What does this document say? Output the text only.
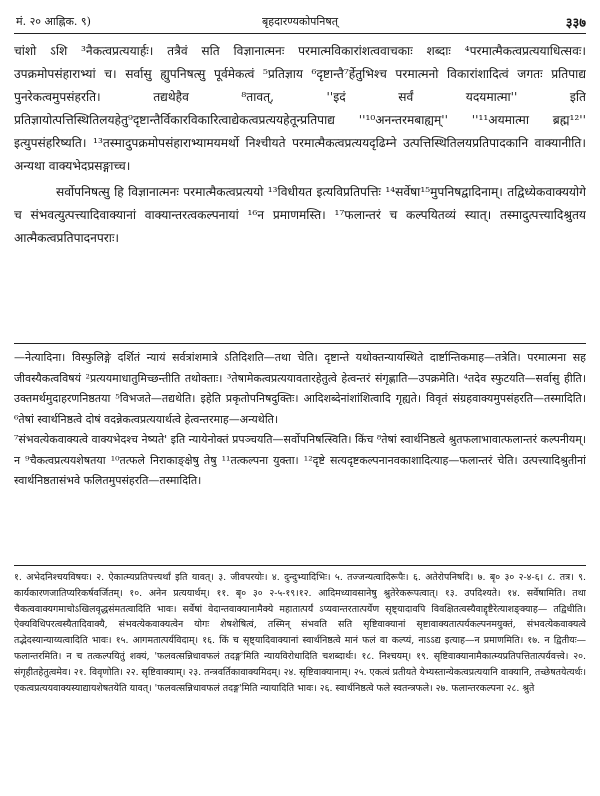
मं. २० आह्निक. ९)	बृहदारण्यकोपनिषत्	३३७

चांशो ऽशि ³नैकत्वप्रत्ययार्हः। तत्रैवं सति विज्ञानात्मनः परमात्मविकारांशत्ववाचकाः शब्दाः ⁴परमात्मैकत्वप्रत्ययाधित्सवः। उपक्रमोपसंहाराभ्यां च। सर्वासु ह्युपनिषत्सु पूर्वमेकत्वं ⁵प्रतिज्ञाय ⁶दृष्टान्तै⁷र्हेतुभिश्च परमात्मनो विकारांशादित्वं जगतः प्रतिपाद्य पुनरेकत्वमुपसंहरति। तद्यथेहैव ⁸तावत्, ''इदं सर्वं यदयमात्मा'' इति प्रतिज्ञायोत्पत्तिस्थितिलयहेतु⁹दृष्टान्तैर्विकारविकारित्वाद्येकत्वप्रत्ययहेतून्प्रतिपाद्य ''¹⁰अनन्तरमबाह्यम्'' ''¹¹अयमात्मा ब्रह्म¹²'' इत्युपसंहरिष्यति। ¹³तस्मादुपक्रमोपसंहाराभ्यामयमर्थो निश्चीयते परमात्मैकत्वप्रत्ययदृढिम्ने उत्पत्तिस्थितिलयप्रतिपादकानि वाक्यानीति। अन्यथा वाक्यभेदप्रसङ्गाच्च।

सर्वोपनिषत्सु हि विज्ञानात्मनः परमात्मैकत्वप्रत्ययो ¹³विधीयत इत्यविप्रतिपत्तिः ¹⁴सर्वेषा¹⁵मुपनिषद्वादिनाम्। तद्विध्येकवाक्ययोगे च संभवत्युत्पत्त्यादिवाक्यानां वाक्यान्तरत्वकल्पनायां ¹⁶न प्रमाणमस्ति। ¹⁷फलान्तरं च कल्पयितव्यं स्यात्। तस्मादुत्पत्त्यादिश्रुतय आत्मैकत्वप्रतिपादनपराः।

—नेत्यादिना। विस्फुलिङ्गे दर्शितं न्यायं सर्वत्रांशमात्रे ऽतिदिशति—तथा चेति। दृष्टान्ते यथोक्तन्यायस्थिते दार्ष्टान्तिकमाह—तत्रेति। परमात्मना सह जीवस्यैकत्वविषयं ²प्रत्ययमाधातुमिच्छन्तीति तथोक्ताः। ³तेषामेकत्वप्रत्ययावतारहेतुत्वे हेत्वन्तरं संगृह्णाति—उपक्रमेति। ⁴तदेव स्फुटयति—सर्वासु हीति। उक्तमर्थमुदाहरणनिष्ठतया ⁵विभजते—तद्यथेति। इहेति प्रकृतोपनिषदुक्तिः। आदिशब्देनांशांशित्वादि गृह्यते। विवृतं संग्रहवाक्यमुपसंहरति—तस्मादिति। ⁶तेषां स्वार्थनिष्ठत्वे दोषं वदन्नेकत्वप्रत्ययार्थत्वे हेत्वन्तरमाह—अन्यथेति।

⁷संभवत्येकवाक्यत्वे वाक्यभेदश्च नेष्यते' इति न्यायेनोक्तं प्रपञ्चयति—सर्वोपनिषत्स्विति। किंच ⁸तेषां स्वार्थनिष्ठत्वे श्रुतफलाभावात्फलान्तरं कल्पनीयम्। न ⁹चैकत्वप्रत्ययशेषतया ¹⁰तत्फले निराकाङ्क्षेषु तेषु ¹¹तत्कल्पना युक्ता। ¹²दृष्टे सत्यदृष्टकल्पनानवकाशादित्याह—फलान्तरं चेति। उत्पत्त्यादिश्रुतीनां स्वार्थनिष्ठतासंभवे फलितमुपसंहरति—तस्मादिति।

१. अभेदनिश्चयविषयः। २. ऐकात्म्यप्रतिपत्त्यर्थां इति यावत्। ३. जीवपरयोः। ४. दुन्दुभ्यादिभिः। ५. तज्जन्यत्वादिरूपैः। ६. अतेरोपनिषदि। ७. बृ० ३० २-४-६। ८. तत्र। ९. कार्यकारणजातिप्यरिकर्षवर्जितम्। १०. अनेन प्रत्ययार्थम्। ११. बृ० ३० २-५-१९।१२. आदिमध्यावसानेषु श्रुतेरेकरूपत्वात्। १३. उपदिश्यते। १४. सर्वेषामिति। तथा चैकत्ववाक्यगमाचोऽखिलवृद्धसंमतत्वादिति भावः। सर्वेषां वेदान्तवाक्यानामैक्ये महातात्पर्यं ऽप्यवान्तरतात्पर्येण सृष्ट्यादावपि विवक्षितत्वस्यैवाद्दृष्टैरेत्याशङ्क्याह— तद्विधीति। ऐक्यविधिपरत्वस्यैतादिवाक्यै, संभवत्येकवाक्यत्वेन योगः शेषशेषित्वं, तस्मिन् संभवति सति सृष्टिवाक्यानां सृष्टावाक्यतात्पर्यकल्पनमयुक्तं, संभवत्येकवाक्यत्वे तद्भेदस्यान्याय्यत्वादिति भावः। १५. आगमतात्पर्यविदाम्। १६. किं च सृष्ट्यादिवाक्यानां स्वार्थनिष्ठत्वे मानं फलं वा कल्प्यं, नाऽऽद्य इत्याह—न प्रमाणमिति। १७. न द्वितीयः—फलान्तरमिति। न च तत्कल्पयितुं शक्यं, 'फलवत्सन्निधावफलं तदङ्ग'मिति न्यायविरोधादिति चशब्दार्थः। १८. निश्चयम्। १९. सृष्टिवाक्यानामैकात्म्यप्रतिपत्तितात्पर्यवत्त्वे। २०. संगृहीतहेतुत्वमेव। २१. विवृणोति। २२. सृष्टिवाक्याम्। २३. तन्त्रवर्तिकावाक्यमिदम्। २४. सृष्टिवाक्यानाम्। २५. एकत्वं प्रतीयते येभ्यस्तान्येकत्वप्रत्ययानि वाक्यानि, तच्छेषतयेत्यर्थः। एकत्वप्रत्ययवाक्यस्याद्यायशेषतयेति यावत्। 'फलवत्सन्निधावफलं तदङ्ग'मिति न्यायादिति भावः। २६. स्वार्थनिष्ठत्वे फले स्वतन्त्रफले। २७. फलान्तरकल्पना २८. श्रुते
